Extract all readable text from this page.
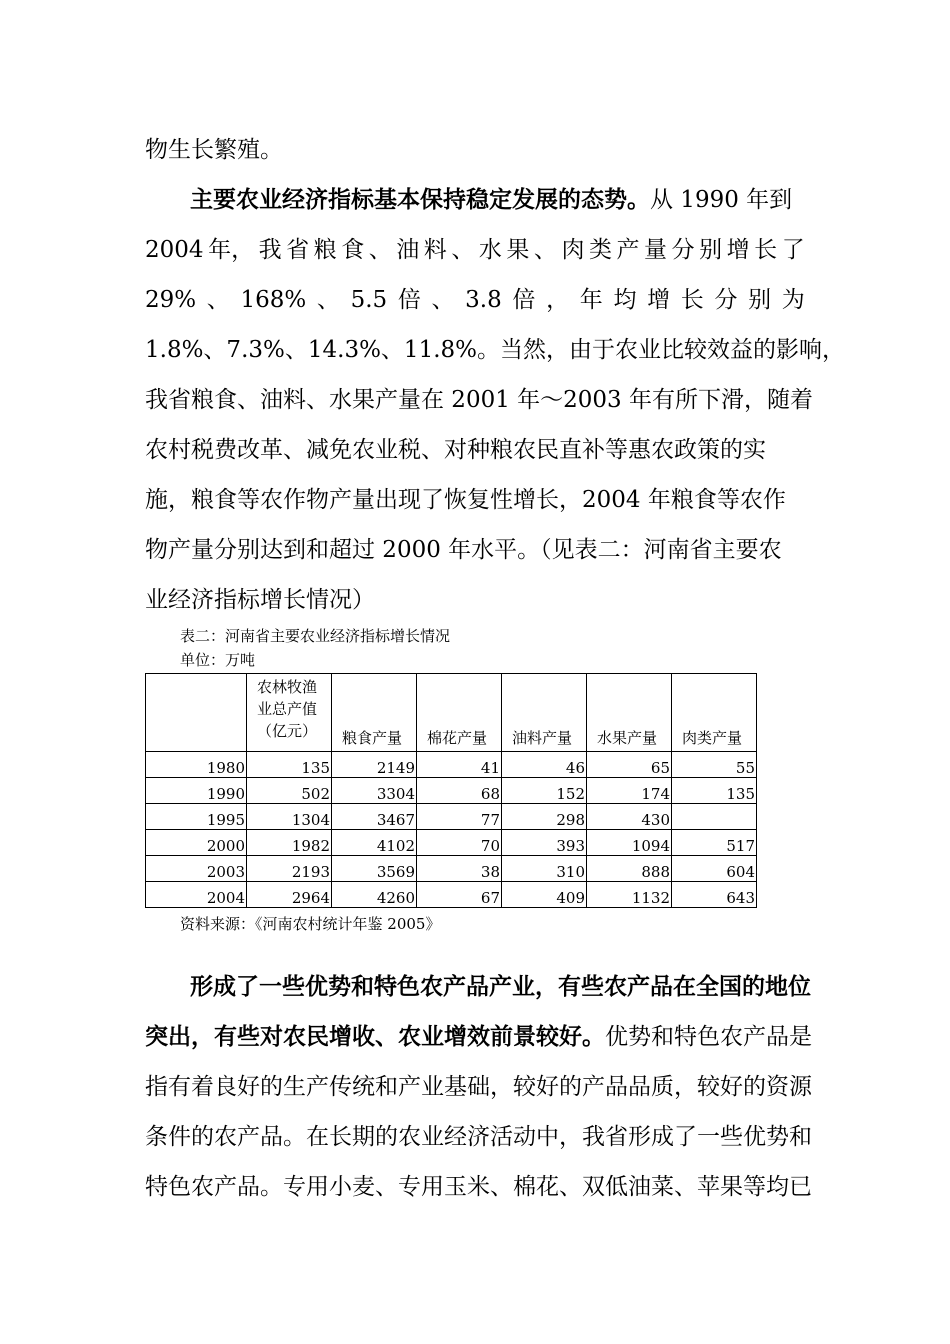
物生长繁殖。
主要农业经济指标基本保持稳定发展的态势。从 1990 年到
2004 年， 我 省 粮 食 、 油 料 、 水 果 、 肉 类 产 量 分 别 增 长 了
29% 、 168% 、 5.5 倍 、 3.8 倍 ， 年 均 增 长 分 别 为
1.8%、7.3%、14.3%、11.8%。当然，由于农业比较效益的影响，
我省粮食、油料、水果产量在 2001 年～2003 年有所下滑，随着
农村税费改革、减免农业税、对种粮农民直补等惠农政策的实
施，粮食等农作物产量出现了恢复性增长，2004 年粮食等农作
物产量分别达到和超过 2000 年水平。（见表二：河南省主要农
业经济指标增长情况）
表二：河南省主要农业经济指标增长情况
单位：万吨

	农林牧渔
业总产值
（亿元）	粮食产量	棉花产量	油料产量	水果产量	肉类产量
1980	135	2149	41	46	65	55
1990	502	3304	68	152	174	135
1995	1304	3467	77	298	430	
2000	1982	4102	70	393	1094	517
2003	2193	3569	38	310	888	604
2004	2964	4260	67	409	1132	643
资料来源：《河南农村统计年鉴 2005》
形成了一些优势和特色农产品产业，有些农产品在全国的地位
突出，有些对农民增收、农业增效前景较好。优势和特色农产品是
指有着良好的生产传统和产业基础，较好的产品品质，较好的资源
条件的农产品。在长期的农业经济活动中，我省形成了一些优势和
特色农产品。专用小麦、专用玉米、棉花、双低油菜、苹果等均已
